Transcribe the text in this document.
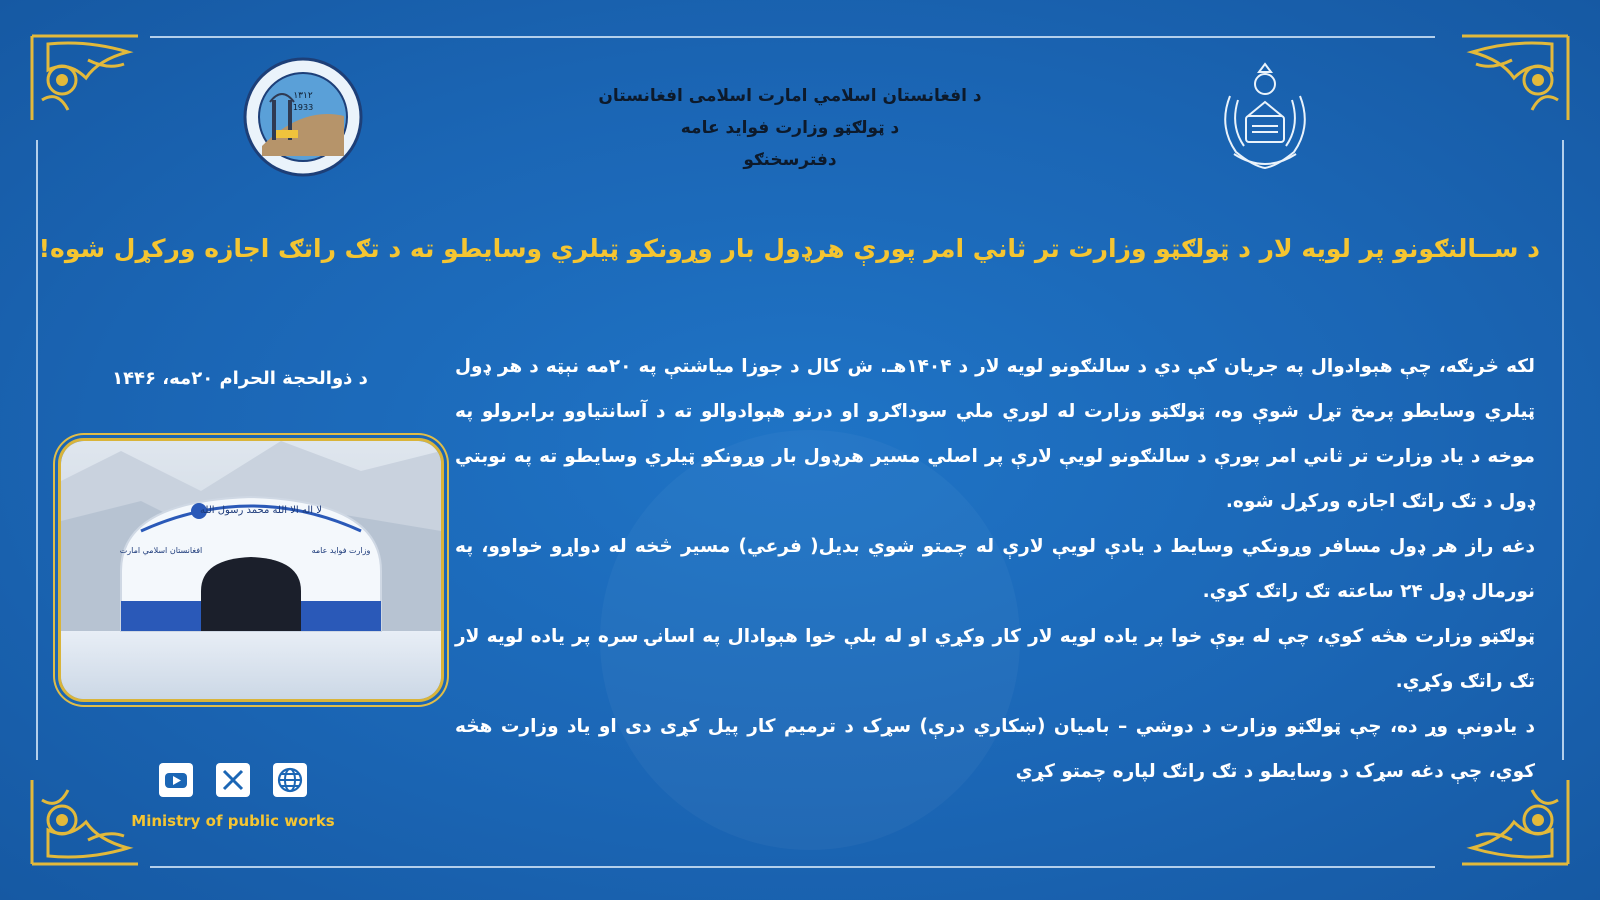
۱۳۱۲
1933
د افغانستان اسلامي امارت اسلامی افغانستان
د ټولګټو وزارت فواید عامه
دفترسخنګو
د ســالنګونو پر لویه لار د ټولګټو وزارت تر ثاني امر پورې هرډول بار وړونکو ټیلري وسایطو ته د تګ راتګ اجازه ورکړل شوه!
د ذوالحجة الحرام ۲۰مه، ۱۴۴۶
لا اله الا الله محمد رسول الله
افغانستان اسلامي امارت	وزارت فواید عامه

لکه څرنګه، چې هېوادوال په جریان کې دي د سالنګونو لویه لار د ۱۴۰۴هـ. ش کال د جوزا میاشتې په ۲۰مه نېټه د هر ډول ټیلري وسایطو پرمخ تړل شوې وه، ټولګټو وزارت له لوري ملي سوداګرو او درنو هېوادوالو ته د آسانتیاوو برابرولو په موخه د یاد وزارت تر ثاني امر پورې د سالنګونو لویې لارې پر اصلي مسیر هرډول بار وړونکو ټیلري وسایطو ته په نوبتي ډول د تګ راتګ اجازه ورکړل شوه.

دغه راز هر ډول مسافر وړونکي وسایط د یادې لویې لارې له چمتو شوي بدیل( فرعي) مسیر څخه له دواړو خواوو، په نورمال ډول ۲۴ ساعته تګ راتګ کوي.

ټولګټو وزارت هڅه کوي، چې له یوې خوا پر یاده لویه لار کار وکړي او له بلې خوا هېوادال په اسانۍ سره پر یاده لویه لار تګ راتګ وکړي.

د یادونې وړ ده، چې ټولګټو وزارت د دوشي – بامیان (ښکاري درې) سړک د ترمیم کار پیل کړی دی او یاد وزارت هڅه کوي، چې دغه سړک د وسایطو د تګ راتګ لپاره چمتو کړي

Ministry of public works
